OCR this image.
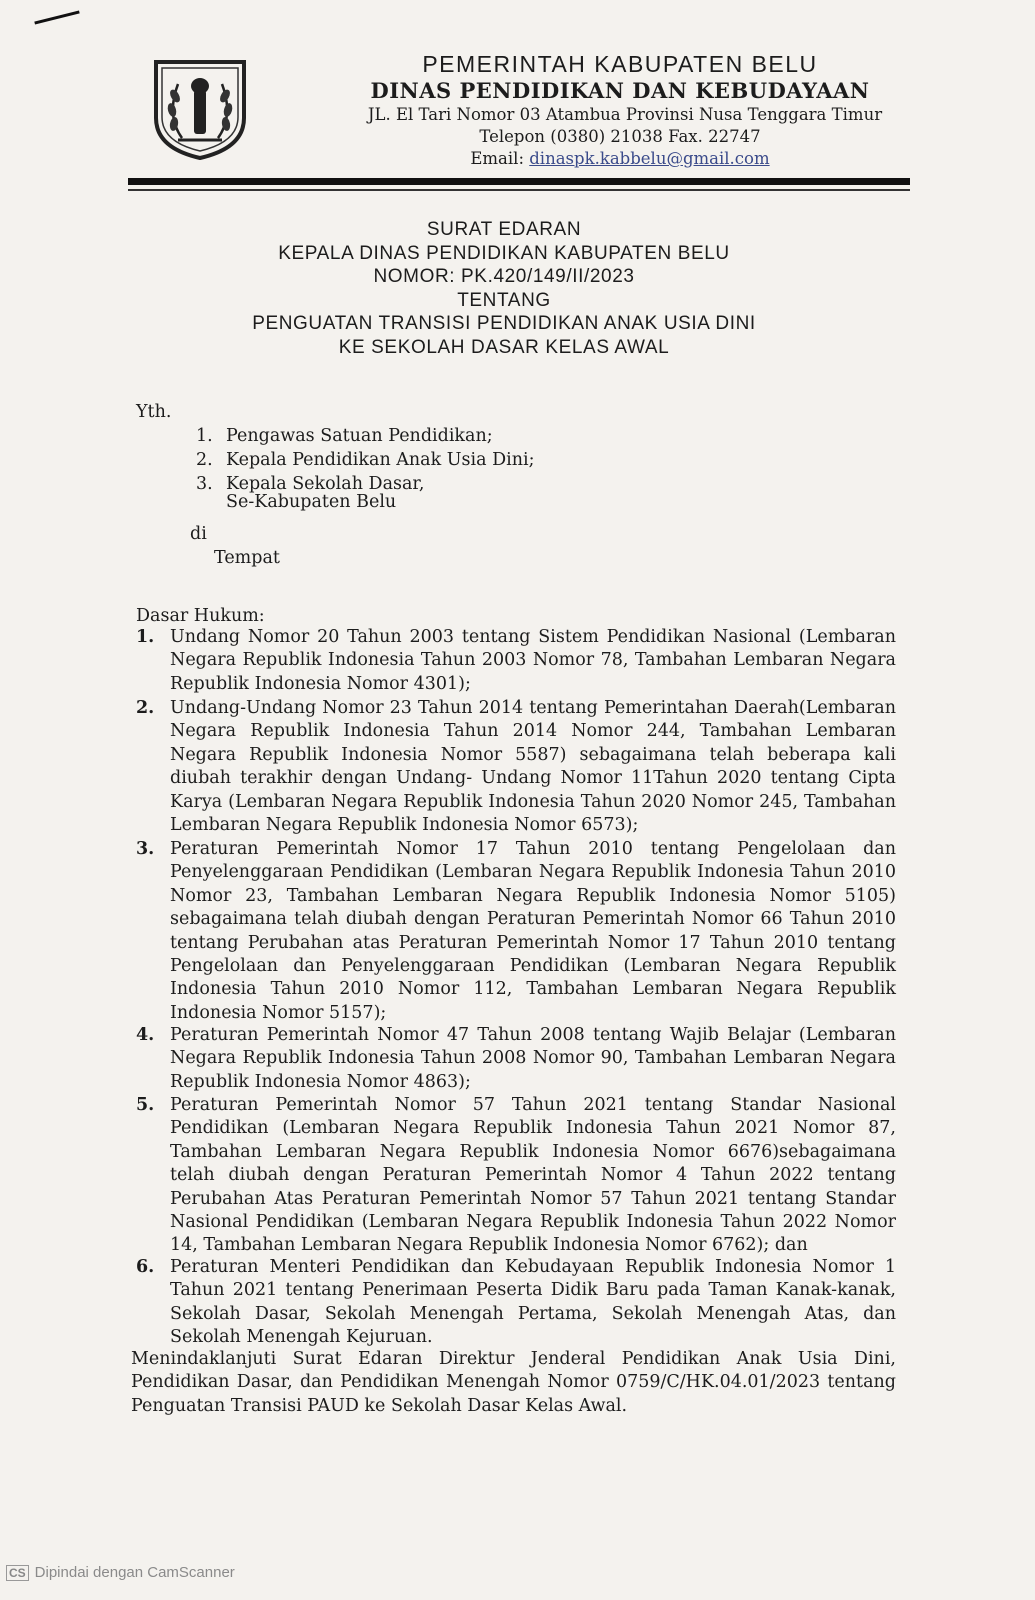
PEMERINTAH KABUPATEN BELU
DINAS PENDIDIKAN DAN KEBUDAYAAN
JL. El Tari Nomor 03 Atambua Provinsi Nusa Tenggara Timur
Telepon (0380) 21038 Fax. 22747
Email: dinaspk.kabbelu@gmail.com
SURAT EDARAN
KEPALA DINAS PENDIDIKAN KABUPATEN BELU
NOMOR: PK.420/149/II/2023
TENTANG
PENGUATAN TRANSISI PENDIDIKAN ANAK USIA DINI
KE SEKOLAH DASAR KELAS AWAL
Yth.
1. Pengawas Satuan Pendidikan;
2. Kepala Pendidikan Anak Usia Dini;
3. Kepala Sekolah Dasar,
Se-Kabupaten Belu
di
Tempat
Dasar Hukum:
1. Undang Nomor 20 Tahun 2003 tentang Sistem Pendidikan Nasional (Lembaran Negara Republik Indonesia Tahun 2003 Nomor 78, Tambahan Lembaran Negara Republik Indonesia Nomor 4301);
2. Undang-Undang Nomor 23 Tahun 2014 tentang Pemerintahan Daerah(Lembaran Negara Republik Indonesia Tahun 2014 Nomor 244, Tambahan Lembaran Negara Republik Indonesia Nomor 5587) sebagaimana telah beberapa kali diubah terakhir dengan Undang- Undang Nomor 11Tahun 2020 tentang Cipta Karya (Lembaran Negara Republik Indonesia Tahun 2020 Nomor 245, Tambahan Lembaran Negara Republik Indonesia Nomor 6573);
3. Peraturan Pemerintah Nomor 17 Tahun 2010 tentang Pengelolaan dan Penyelenggaraan Pendidikan (Lembaran Negara Republik Indonesia Tahun 2010 Nomor 23, Tambahan Lembaran Negara Republik Indonesia Nomor 5105) sebagaimana telah diubah dengan Peraturan Pemerintah Nomor 66 Tahun 2010 tentang Perubahan atas Peraturan Pemerintah Nomor 17 Tahun 2010 tentang Pengelolaan dan Penyelenggaraan Pendidikan (Lembaran Negara Republik Indonesia Tahun 2010 Nomor 112, Tambahan Lembaran Negara Republik Indonesia Nomor 5157);
4. Peraturan Pemerintah Nomor 47 Tahun 2008 tentang Wajib Belajar (Lembaran Negara Republik Indonesia Tahun 2008 Nomor 90, Tambahan Lembaran Negara Republik Indonesia Nomor 4863);
5. Peraturan Pemerintah Nomor 57 Tahun 2021 tentang Standar Nasional Pendidikan (Lembaran Negara Republik Indonesia Tahun 2021 Nomor 87, Tambahan Lembaran Negara Republik Indonesia Nomor 6676)sebagaimana telah diubah dengan Peraturan Pemerintah Nomor 4 Tahun 2022 tentang Perubahan Atas Peraturan Pemerintah Nomor 57 Tahun 2021 tentang Standar Nasional Pendidikan (Lembaran Negara Republik Indonesia Tahun 2022 Nomor 14, Tambahan Lembaran Negara Republik Indonesia Nomor 6762); dan
6. Peraturan Menteri Pendidikan dan Kebudayaan Republik Indonesia Nomor 1 Tahun 2021 tentang Penerimaan Peserta Didik Baru pada Taman Kanak-kanak, Sekolah Dasar, Sekolah Menengah Pertama, Sekolah Menengah Atas, dan Sekolah Menengah Kejuruan.
Menindaklanjuti Surat Edaran Direktur Jenderal Pendidikan Anak Usia Dini, Pendidikan Dasar, dan Pendidikan Menengah Nomor 0759/C/HK.04.01/2023 tentang Penguatan Transisi PAUD ke Sekolah Dasar Kelas Awal.
CS Dipindai dengan CamScanner
